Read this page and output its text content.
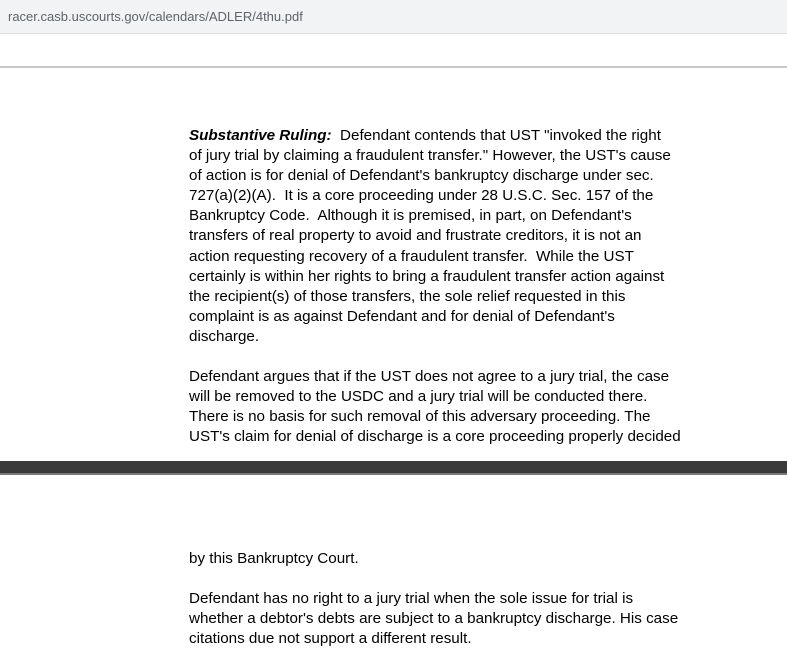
racer.casb.uscourts.gov/calendars/ADLER/4thu.pdf
Substantive Ruling:  Defendant contends that UST "invoked the right
of jury trial by claiming a fraudulent transfer." However, the UST's cause
of action is for denial of Defendant's bankruptcy discharge under sec.
727(a)(2)(A).  It is a core proceeding under 28 U.S.C. Sec. 157 of the
Bankruptcy Code.  Although it is premised, in part, on Defendant's
transfers of real property to avoid and frustrate creditors, it is not an
action requesting recovery of a fraudulent transfer.  While the UST
certainly is within her rights to bring a fraudulent transfer action against
the recipient(s) of those transfers, the sole relief requested in this
complaint is as against Defendant and for denial of Defendant's
discharge.
Defendant argues that if the UST does not agree to a jury trial, the case
will be removed to the USDC and a jury trial will be conducted there.
There is no basis for such removal of this adversary proceeding. The
UST's claim for denial of discharge is a core proceeding properly decided
by this Bankruptcy Court.
Defendant has no right to a jury trial when the sole issue for trial is
whether a debtor's debts are subject to a bankruptcy discharge. His case
citations due not support a different result.
